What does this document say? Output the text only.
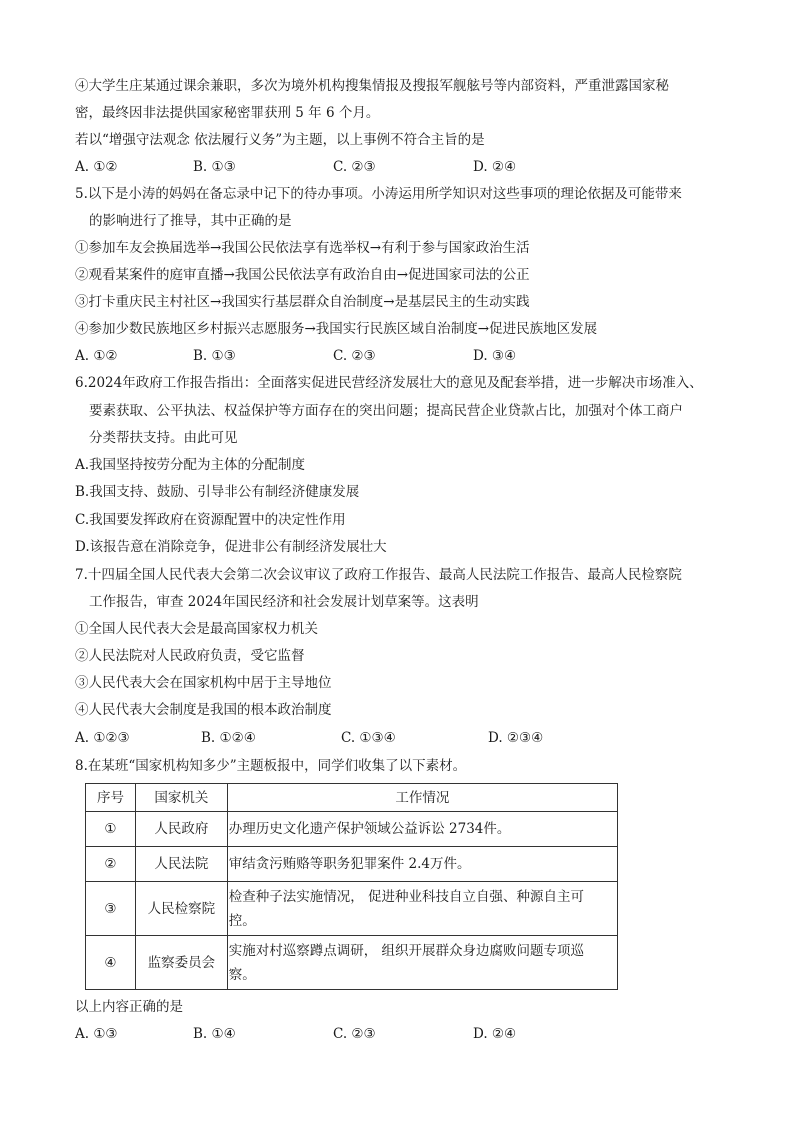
④大学生庄某通过课余兼职，多次为境外机构搜集情报及搜报军舰舷号等内部资料，严重泄露国家秘
密，最终因非法提供国家秘密罪获刑 5 年 6 个月。
若以“增强守法观念 依法履行义务”为主题，以上事例不符合主旨的是
A. ①②	B. ①③	C. ②③	D. ②④
5.以下是小涛的妈妈在备忘录中记下的待办事项。小涛运用所学知识对这些事项的理论依据及可能带来
的影响进行了推导，其中正确的是
①参加车友会换届选举→我国公民依法享有选举权→有利于参与国家政治生活
②观看某案件的庭审直播→我国公民依法享有政治自由→促进国家司法的公正
③打卡重庆民主村社区→我国实行基层群众自治制度→是基层民主的生动实践
④参加少数民族地区乡村振兴志愿服务→我国实行民族区域自治制度→促进民族地区发展
A. ①②	B. ①③	C. ②③	D. ③④
6.2024年政府工作报告指出：全面落实促进民营经济发展壮大的意见及配套举措，进一步解决市场准入、
要素获取、公平执法、权益保护等方面存在的突出问题；提高民营企业贷款占比，加强对个体工商户
分类帮扶支持。由此可见
A.我国坚持按劳分配为主体的分配制度
B.我国支持、鼓励、引导非公有制经济健康发展
C.我国要发挥政府在资源配置中的决定性作用
D.该报告意在消除竞争，促进非公有制经济发展壮大
7.十四届全国人民代表大会第二次会议审议了政府工作报告、最高人民法院工作报告、最高人民检察院
工作报告，审查 2024年国民经济和社会发展计划草案等。这表明
①全国人民代表大会是最高国家权力机关
②人民法院对人民政府负责，受它监督
③人民代表大会在国家机构中居于主导地位
④人民代表大会制度是我国的根本政治制度
A. ①②③	B. ①②④	C. ①③④	D. ②③④
8.在某班“国家机构知多少”主题板报中，同学们收集了以下素材。
序号	国家机关	工作情况
①	人民政府	办理历史文化遗产保护领域公益诉讼 2734件。
②	人民法院	审结贪污贿赂等职务犯罪案件 2.4万件。
③	人民检察院	检查种子法实施情况， 促进种业科技自立自强、种源自主可
控。

④	监察委员会	实施对村巡察蹲点调研， 组织开展群众身边腐败问题专项巡
察。
以上内容正确的是
A. ①③	B. ①④	C. ②③	D. ②④
